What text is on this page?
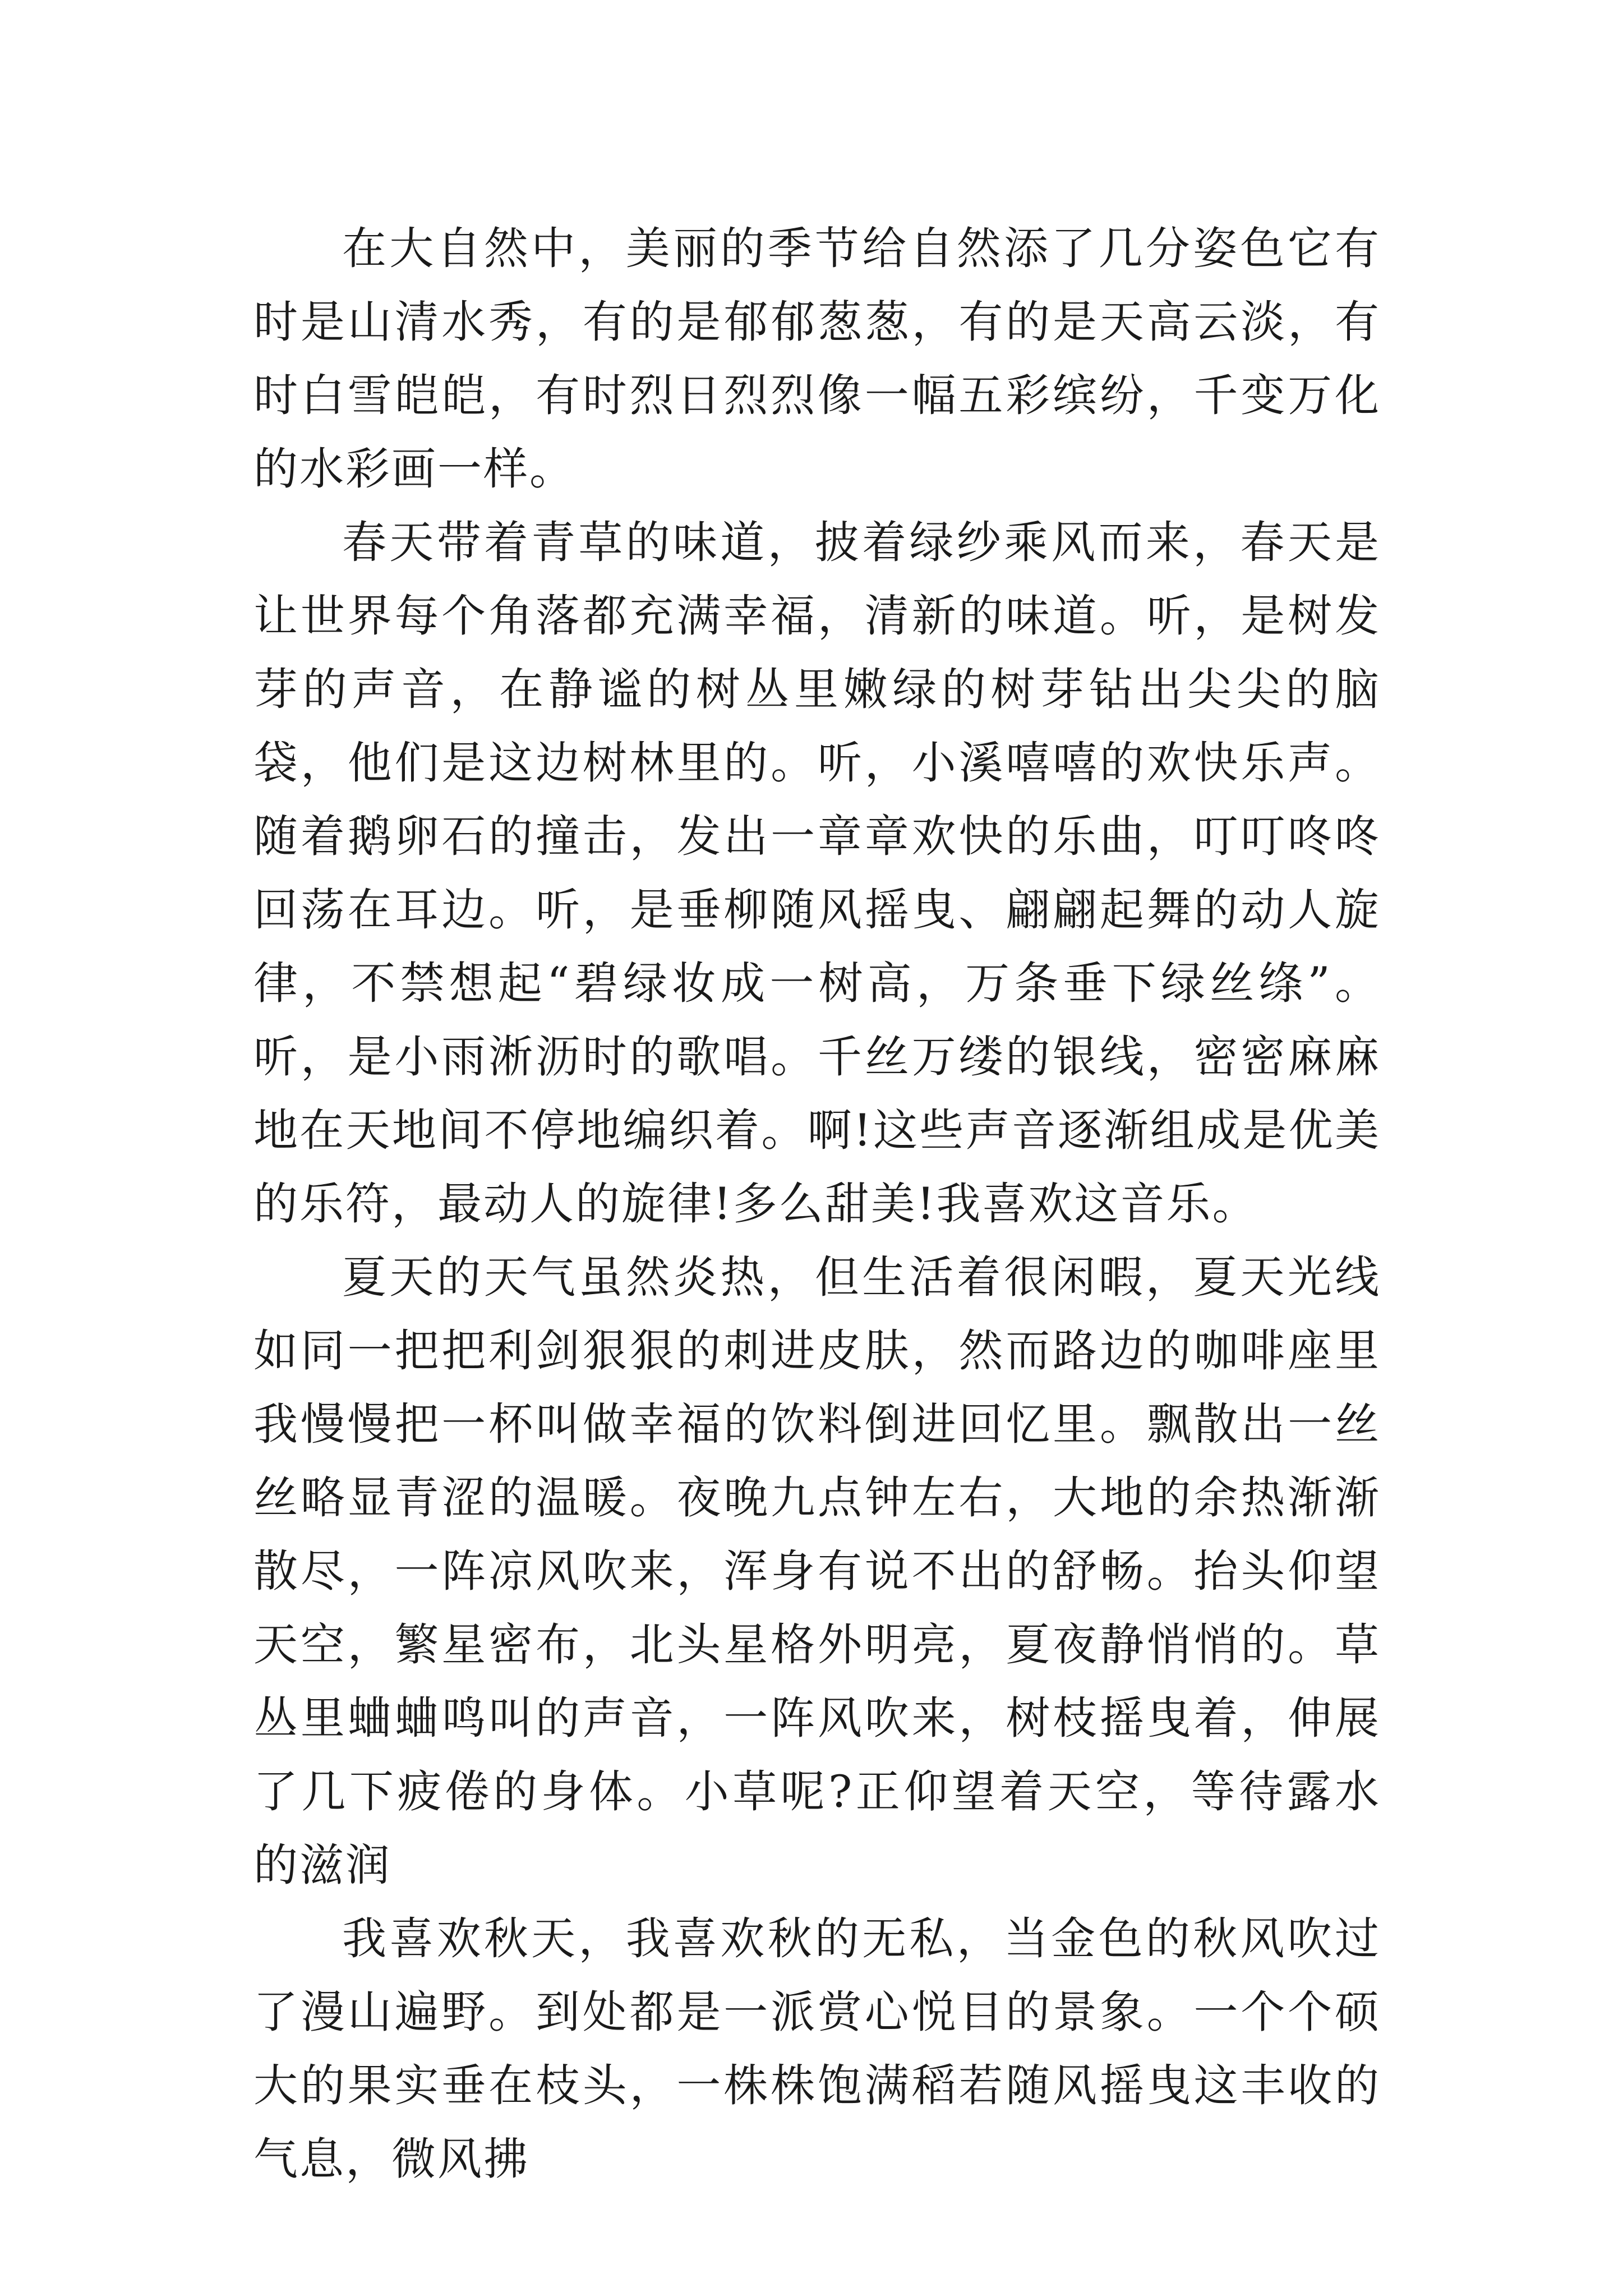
在大自然中，美丽的季节给自然添了几分姿色它有时是山清水秀，有的是郁郁葱葱，有的是天高云淡，有时白雪皑皑，有时烈日烈烈像一幅五彩缤纷，千变万化的水彩画一样。

春天带着青草的味道，披着绿纱乘风而来，春天是让世界每个角落都充满幸福，清新的味道。听，是树发芽的声音，在静谧的树丛里嫩绿的树芽钻出尖尖的脑袋，他们是这边树林里的。听，小溪嘻嘻的欢快乐声。随着鹅卵石的撞击，发出一章章欢快的乐曲，叮叮咚咚回荡在耳边。听，是垂柳随风摇曳、翩翩起舞的动人旋律，不禁想起“碧绿妆成一树高，万条垂下绿丝绦”。听，是小雨淅沥时的歌唱。千丝万缕的银线，密密麻麻地在天地间不停地编织着。啊!这些声音逐渐组成是优美的乐符，最动人的旋律!多么甜美!我喜欢这音乐。

夏天的天气虽然炎热，但生活着很闲暇，夏天光线如同一把把利剑狠狠的刺进皮肤，然而路边的咖啡座里我慢慢把一杯叫做幸福的饮料倒进回忆里。飘散出一丝丝略显青涩的温暖。夜晚九点钟左右，大地的余热渐渐散尽，一阵凉风吹来，浑身有说不出的舒畅。抬头仰望天空，繁星密布，北头星格外明亮，夏夜静悄悄的。草丛里蛐蛐鸣叫的声音，一阵风吹来，树枝摇曳着，伸展了几下疲倦的身体。小草呢?正仰望着天空，等待露水的滋润

我喜欢秋天，我喜欢秋的无私，当金色的秋风吹过了漫山遍野。到处都是一派赏心悦目的景象。一个个硕大的果实垂在枝头，一株株饱满稻若随风摇曳这丰收的气息，微风拂
